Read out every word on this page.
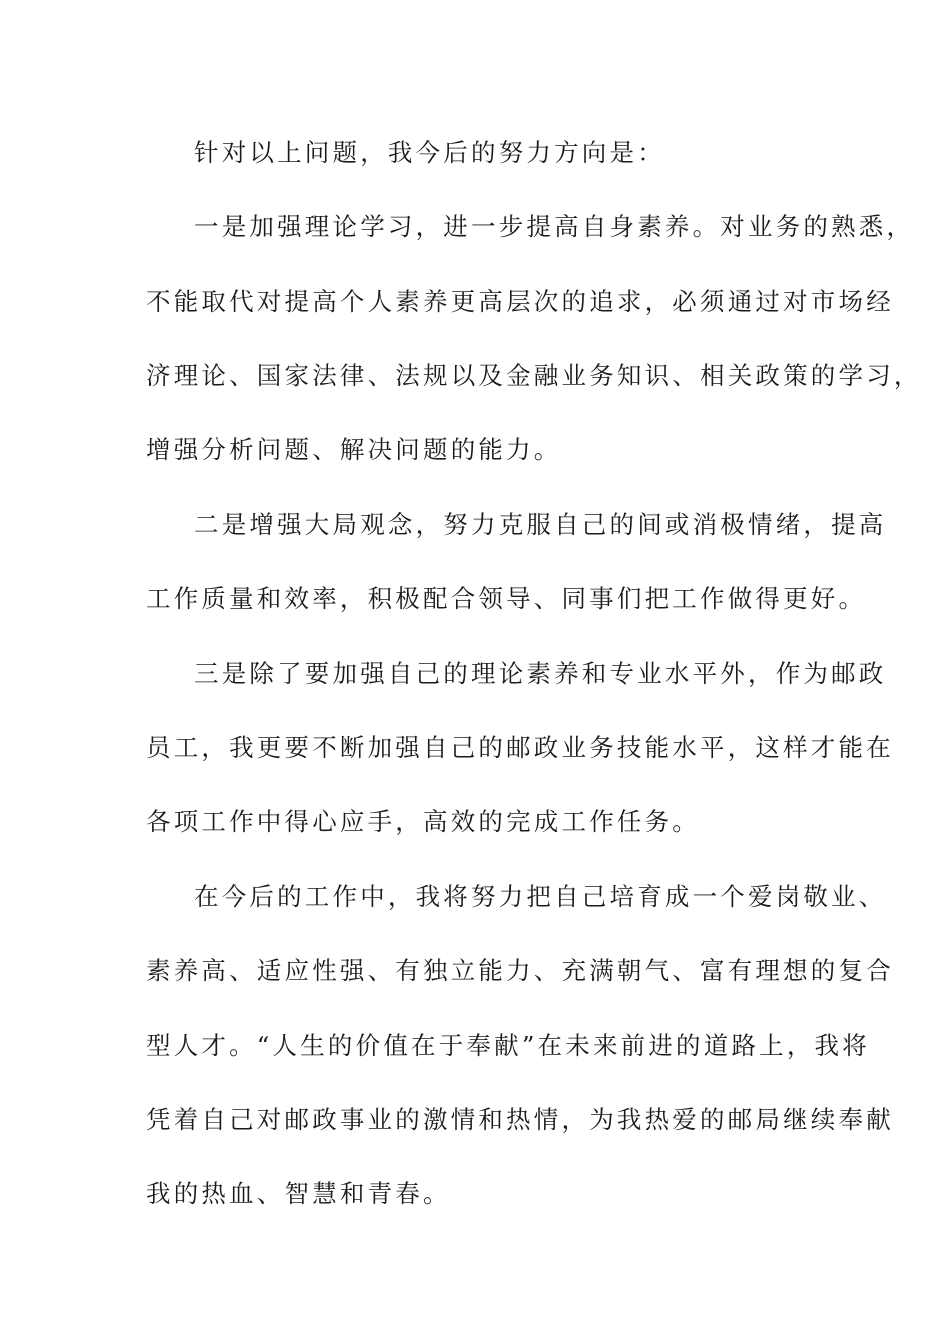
针对以上问题，我今后的努力方向是：
一是加强理论学习，进一步提高自身素养。对业务的熟悉，
不能取代对提高个人素养更高层次的追求，必须通过对市场经
济理论、国家法律、法规以及金融业务知识、相关政策的学习，
增强分析问题、解决问题的能力。
二是增强大局观念，努力克服自己的间或消极情绪，提高
工作质量和效率，积极配合领导、同事们把工作做得更好。
三是除了要加强自己的理论素养和专业水平外，作为邮政
员工，我更要不断加强自己的邮政业务技能水平，这样才能在
各项工作中得心应手，高效的完成工作任务。
在今后的工作中，我将努力把自己培育成一个爱岗敬业、
素养高、适应性强、有独立能力、充满朝气、富有理想的复合
型人才。“人生的价值在于奉献”在未来前进的道路上，我将
凭着自己对邮政事业的激情和热情，为我热爱的邮局继续奉献
我的热血、智慧和青春。
